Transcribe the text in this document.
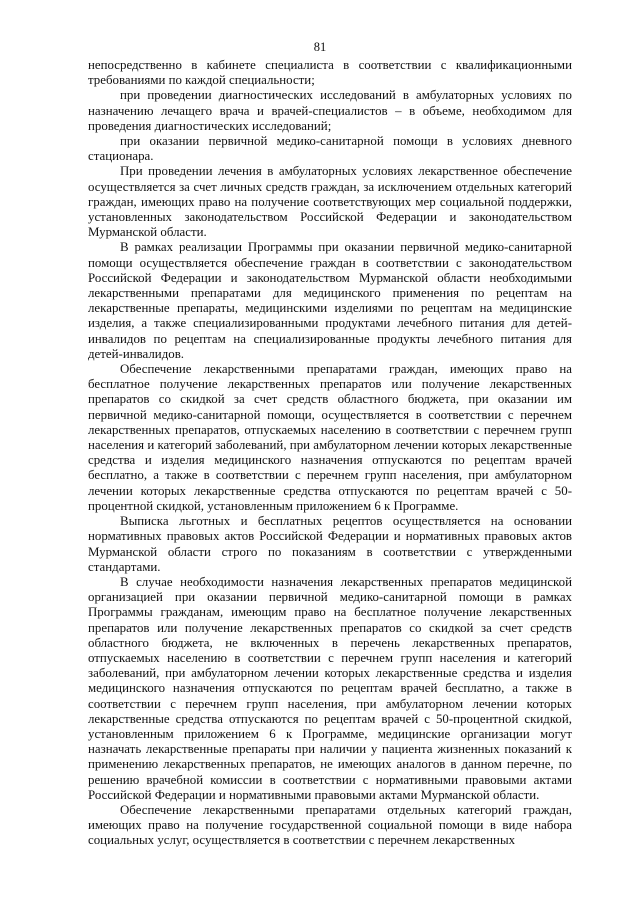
81

непосредственно в кабинете специалиста в соответствии с квалификационными требованиями по каждой специальности;

при проведении диагностических исследований в амбулаторных условиях по назначению лечащего врача и врачей-специалистов – в объеме, необходимом для проведения диагностических исследований;

при оказании первичной медико-санитарной помощи в условиях дневного стационара.

При проведении лечения в амбулаторных условиях лекарственное обеспечение осуществляется за счет личных средств граждан, за исключением отдельных категорий граждан, имеющих право на получение соответствующих мер социальной поддержки, установленных законодательством Российской Федерации и законодательством Мурманской области.

В рамках реализации Программы при оказании первичной медико-санитарной помощи осуществляется обеспечение граждан в соответствии с законодательством Российской Федерации и законодательством Мурманской области необходимыми лекарственными препаратами для медицинского применения по рецептам на лекарственные препараты, медицинскими изделиями по рецептам на медицинские изделия, а также специализированными продуктами лечебного питания для детей-инвалидов по рецептам на специализированные продукты лечебного питания для детей-инвалидов.

Обеспечение лекарственными препаратами граждан, имеющих право на бесплатное получение лекарственных препаратов или получение лекарственных препаратов со скидкой за счет средств областного бюджета, при оказании им первичной медико-санитарной помощи, осуществляется в соответствии с перечнем лекарственных препаратов, отпускаемых населению в соответствии с перечнем групп населения и категорий заболеваний, при амбулаторном лечении которых лекарственные средства и изделия медицинского назначения отпускаются по рецептам врачей бесплатно, а также в соответствии с перечнем групп населения, при амбулаторном лечении которых лекарственные средства отпускаются по рецептам врачей с 50-процентной скидкой, установленным приложением 6 к Программе.

Выписка льготных и бесплатных рецептов осуществляется на основании нормативных правовых актов Российской Федерации и нормативных правовых актов Мурманской области строго по показаниям в соответствии с утвержденными стандартами.

В случае необходимости назначения лекарственных препаратов медицинской организацией при оказании первичной медико-санитарной помощи в рамках Программы гражданам, имеющим право на бесплатное получение лекарственных препаратов или получение лекарственных препаратов со скидкой за счет средств областного бюджета, не включенных в перечень лекарственных препаратов, отпускаемых населению в соответствии с перечнем групп населения и категорий заболеваний, при амбулаторном лечении которых лекарственные средства и изделия медицинского назначения отпускаются по рецептам врачей бесплатно, а также в соответствии с перечнем групп населения, при амбулаторном лечении которых лекарственные средства отпускаются по рецептам врачей с 50-процентной скидкой, установленным приложением 6 к Программе, медицинские организации могут назначать лекарственные препараты при наличии у пациента жизненных показаний к применению лекарственных препаратов, не имеющих аналогов в данном перечне, по решению врачебной комиссии в соответствии с нормативными правовыми актами Российской Федерации и нормативными правовыми актами Мурманской области.

Обеспечение лекарственными препаратами отдельных категорий граждан, имеющих право на получение государственной социальной помощи в виде набора социальных услуг, осуществляется в соответствии с перечнем лекарственных
